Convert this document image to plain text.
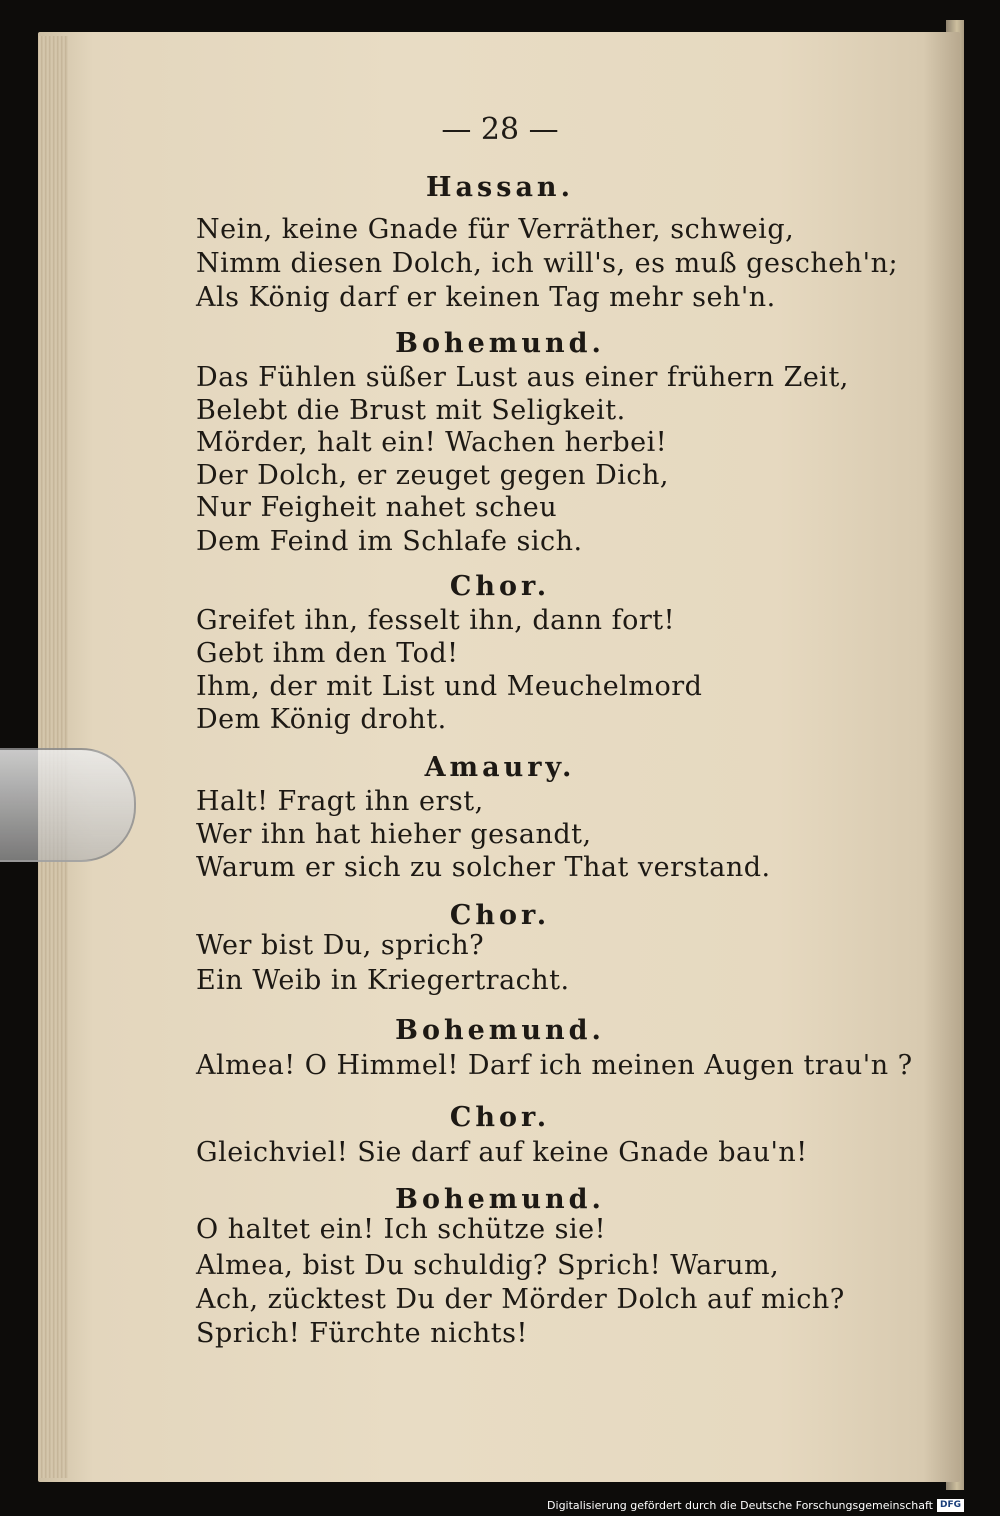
— 28 —
Hassan.
Nein, keine Gnade für Verräther, schweig,
Nimm diesen Dolch, ich will's, es muß gescheh'n;
Als König darf er keinen Tag mehr seh'n.
Bohemund.
Das Fühlen süßer Lust aus einer frühern Zeit,
Belebt die Brust mit Seligkeit.
Mörder, halt ein! Wachen herbei!
Der Dolch, er zeuget gegen Dich,
Nur Feigheit nahet scheu
Dem Feind im Schlafe sich.
Chor.
Greifet ihn, fesselt ihn, dann fort!
Gebt ihm den Tod!
Ihm, der mit List und Meuchelmord
Dem König droht.
Amaury.
Halt! Fragt ihn erst,
Wer ihn hat hieher gesandt,
Warum er sich zu solcher That verstand.
Chor.
Wer bist Du, sprich?
Ein Weib in Kriegertracht.
Bohemund.
Almea! O Himmel! Darf ich meinen Augen trau'n ?
Chor.
Gleichviel! Sie darf auf keine Gnade bau'n!
Bohemund.
O haltet ein! Ich schütze sie!
Almea, bist Du schuldig? Sprich! Warum,
Ach, zücktest Du der Mörder Dolch auf mich?
Sprich! Fürchte nichts!
Digitalisierung gefördert durch die Deutsche Forschungsgemeinschaft DFG
